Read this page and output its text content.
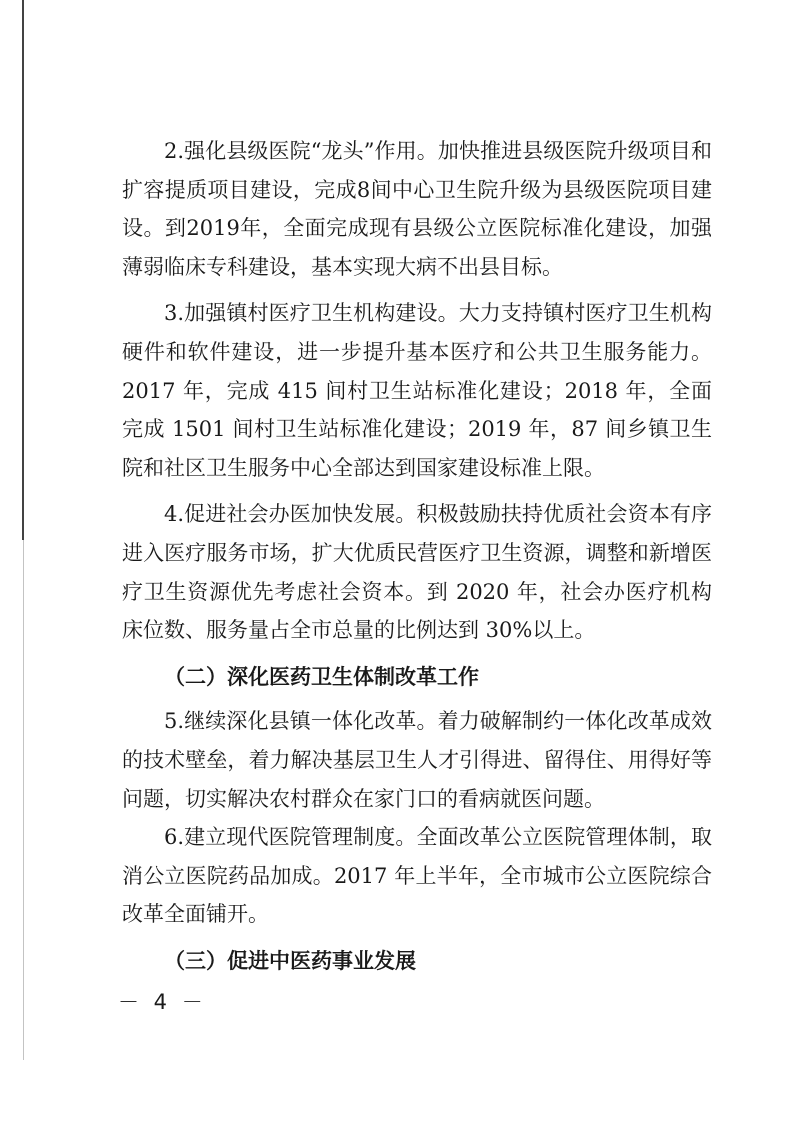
2.强化县级医院“龙头”作用。加快推进县级医院升级项目和扩容提质项目建设，完成8间中心卫生院升级为县级医院项目建设。到2019年，全面完成现有县级公立医院标准化建设，加强薄弱临床专科建设，基本实现大病不出县目标。

3.加强镇村医疗卫生机构建设。大力支持镇村医疗卫生机构硬件和软件建设，进一步提升基本医疗和公共卫生服务能力。2017 年，完成 415 间村卫生站标准化建设；2018 年，全面完成 1501 间村卫生站标准化建设；2019 年，87 间乡镇卫生院和社区卫生服务中心全部达到国家建设标准上限。

4.促进社会办医加快发展。积极鼓励扶持优质社会资本有序进入医疗服务市场，扩大优质民营医疗卫生资源，调整和新增医疗卫生资源优先考虑社会资本。到 2020 年，社会办医疗机构床位数、服务量占全市总量的比例达到 30%以上。

（二）深化医药卫生体制改革工作

5.继续深化县镇一体化改革。着力破解制约一体化改革成效的技术壁垒，着力解决基层卫生人才引得进、留得住、用得好等问题，切实解决农村群众在家门口的看病就医问题。

6.建立现代医院管理制度。全面改革公立医院管理体制，取消公立医院药品加成。2017 年上半年，全市城市公立医院综合改革全面铺开。

（三）促进中医药事业发展
－ 4 －
